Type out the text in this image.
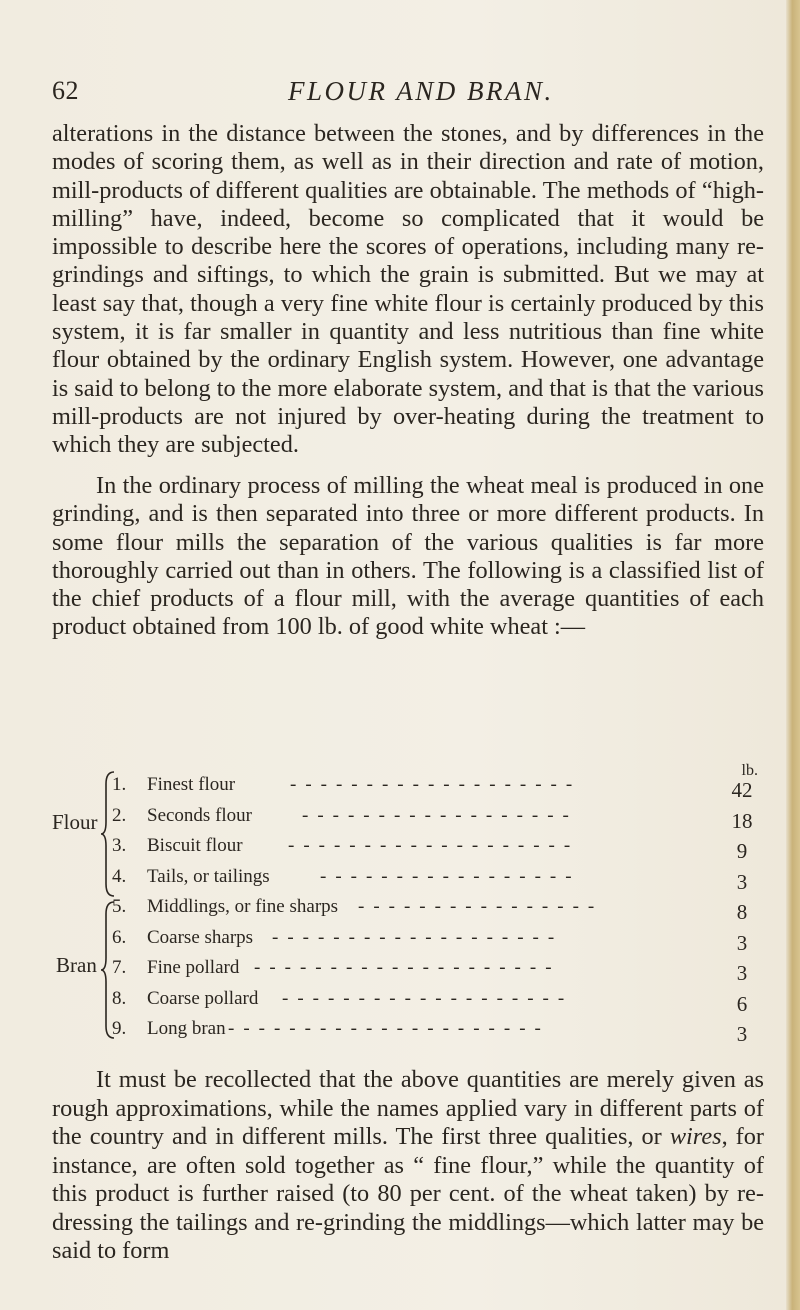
62	FLOUR AND BRAN.

alterations in the distance between the stones, and by differences in the modes of scoring them, as well as in their direction and rate of motion, mill-products of different qualities are obtainable. The methods of “high-milling” have, indeed, become so complicated that it would be impossible to describe here the scores of operations, including many re-grindings and siftings, to which the grain is submitted. But we may at least say that, though a very fine white flour is certainly produced by this system, it is far smaller in quantity and less nutritious than fine white flour obtained by the ordinary English system. However, one advantage is said to belong to the more elaborate system, and that is that the various mill-products are not injured by over-heating during the treatment to which they are subjected.

In the ordinary process of milling the wheat meal is produced in one grinding, and is then separated into three or more different products. In some flour mills the separation of the various qualities is far more thoroughly carried out than in others. The following is a classified list of the chief products of a flour mill, with the average quantities of each product obtained from 100 lb. of good white wheat :—

lb.
Flour
Bran
1. Finest flour	-------------------	42
2. Seconds flour	------------------	18
3. Biscuit flour -------------------	9
4. Tails, or tailings	-----------------	3
5. Middlings, or fine sharps ----------------	8
6. Coarse sharps -------------------	3
7. Fine pollard --------------------	3
8. Coarse pollard -------------------	6
9. Long bran ---------------------	3

It must be recollected that the above quantities are merely given as rough approximations, while the names applied vary in different parts of the country and in different mills. The first three qualities, or wires, for instance, are often sold together as “ fine flour,” while the quantity of this product is further raised (to 80 per cent. of the wheat taken) by re-dressing the tailings and re-grinding the middlings—which latter may be said to form
